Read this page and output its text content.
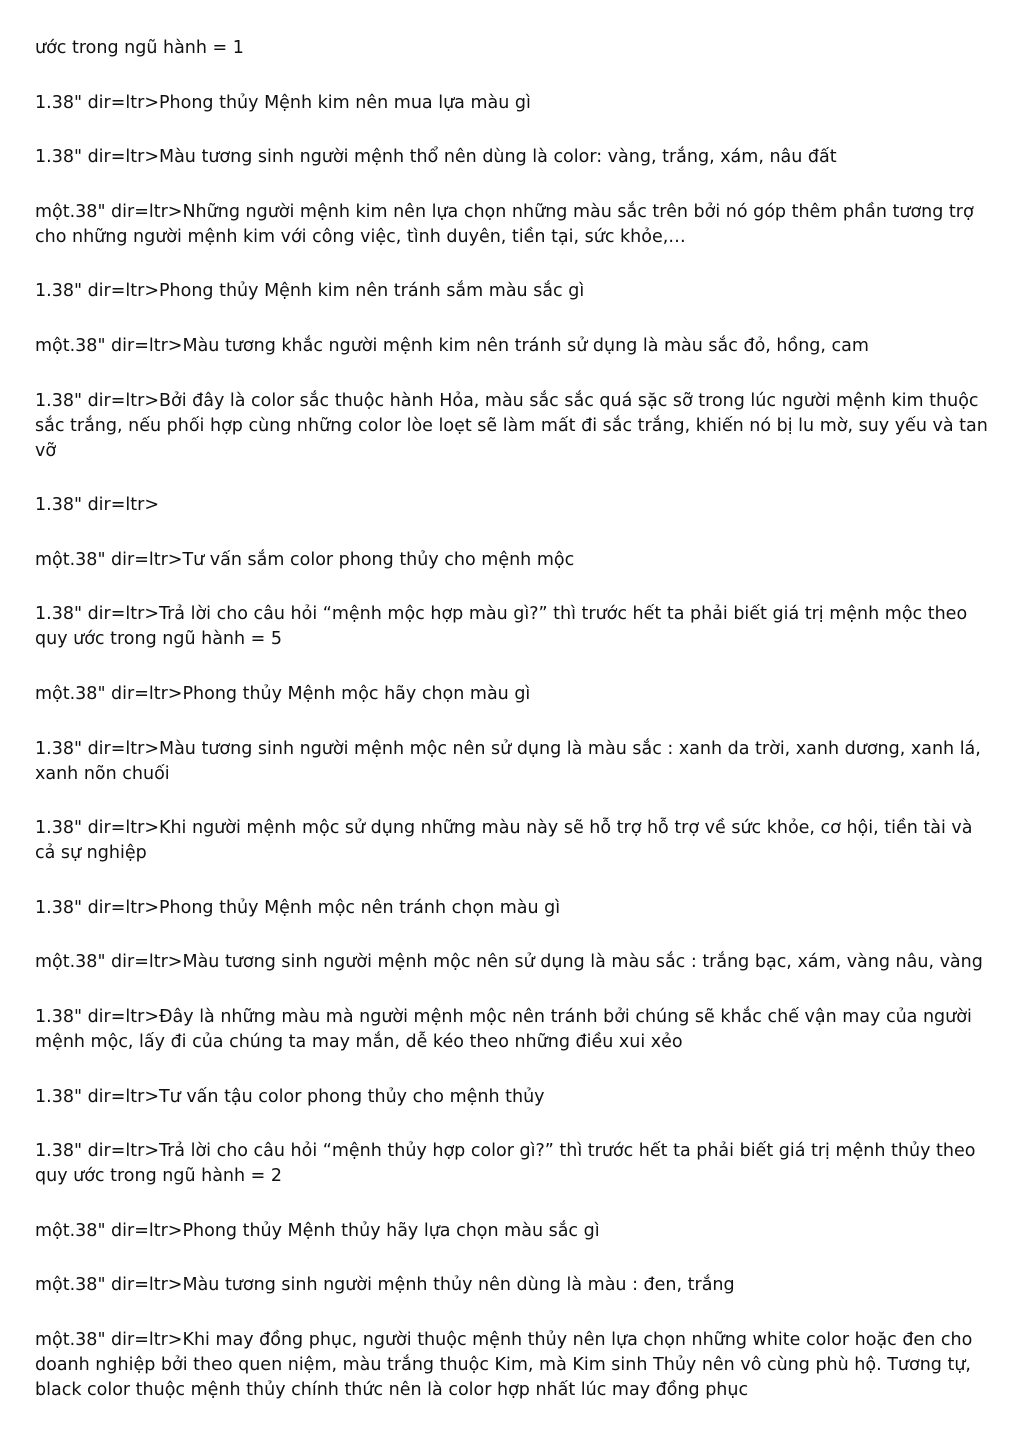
ước trong ngũ hành = 1

1.38" dir=ltr>Phong thủy Mệnh kim nên mua lựa màu gì

1.38" dir=ltr>Màu tương sinh người mệnh thổ nên dùng là color: vàng, trắng, xám, nâu đất

một.38" dir=ltr>Những người mệnh kim nên lựa chọn những màu sắc trên bởi nó góp thêm phần tương trợ cho những người mệnh kim với công việc, tình duyên, tiền tại, sức khỏe,…

1.38" dir=ltr>Phong thủy Mệnh kim nên tránh sắm màu sắc gì

một.38" dir=ltr>Màu tương khắc người mệnh kim nên tránh sử dụng là màu sắc đỏ, hồng, cam

1.38" dir=ltr>Bởi đây là color sắc thuộc hành Hỏa, màu sắc sắc quá sặc sỡ trong lúc người mệnh kim thuộc sắc trắng, nếu phối hợp cùng những color lòe loẹt sẽ làm mất đi sắc trắng, khiến nó bị lu mờ, suy yếu và tan vỡ

1.38" dir=ltr>

một.38" dir=ltr>Tư vấn sắm color phong thủy cho mệnh mộc

1.38" dir=ltr>Trả lời cho câu hỏi “mệnh mộc hợp màu gì?” thì trước hết ta phải biết giá trị mệnh mộc theo quy ước trong ngũ hành = 5

một.38" dir=ltr>Phong thủy Mệnh mộc hãy chọn màu gì

1.38" dir=ltr>Màu tương sinh người mệnh mộc nên sử dụng là màu sắc : xanh da trời, xanh dương, xanh lá, xanh nõn chuối

1.38" dir=ltr>Khi người mệnh mộc sử dụng những màu này sẽ hỗ trợ hỗ trợ về sức khỏe, cơ hội, tiền tài và cả sự nghiệp

1.38" dir=ltr>Phong thủy Mệnh mộc nên tránh chọn màu gì

một.38" dir=ltr>Màu tương sinh người mệnh mộc nên sử dụng là màu sắc : trắng bạc, xám, vàng nâu, vàng

1.38" dir=ltr>Đây là những màu mà người mệnh mộc nên tránh bởi chúng sẽ khắc chế vận may của người mệnh mộc, lấy đi của chúng ta may mắn, dễ kéo theo những điều xui xẻo

1.38" dir=ltr>Tư vấn tậu color phong thủy cho mệnh thủy

1.38" dir=ltr>Trả lời cho câu hỏi “mệnh thủy hợp color gì?” thì trước hết ta phải biết giá trị mệnh thủy theo quy ước trong ngũ hành = 2

một.38" dir=ltr>Phong thủy Mệnh thủy hãy lựa chọn màu sắc gì

một.38" dir=ltr>Màu tương sinh người mệnh thủy nên dùng là màu : đen, trắng

một.38" dir=ltr>Khi may đồng phục, người thuộc mệnh thủy nên lựa chọn những white color hoặc đen cho doanh nghiệp bởi theo quen niệm, màu trắng thuộc Kim, mà Kim sinh Thủy nên vô cùng phù hộ. Tương tự, black color thuộc mệnh thủy chính thức nên là color hợp nhất lúc may đồng phục
